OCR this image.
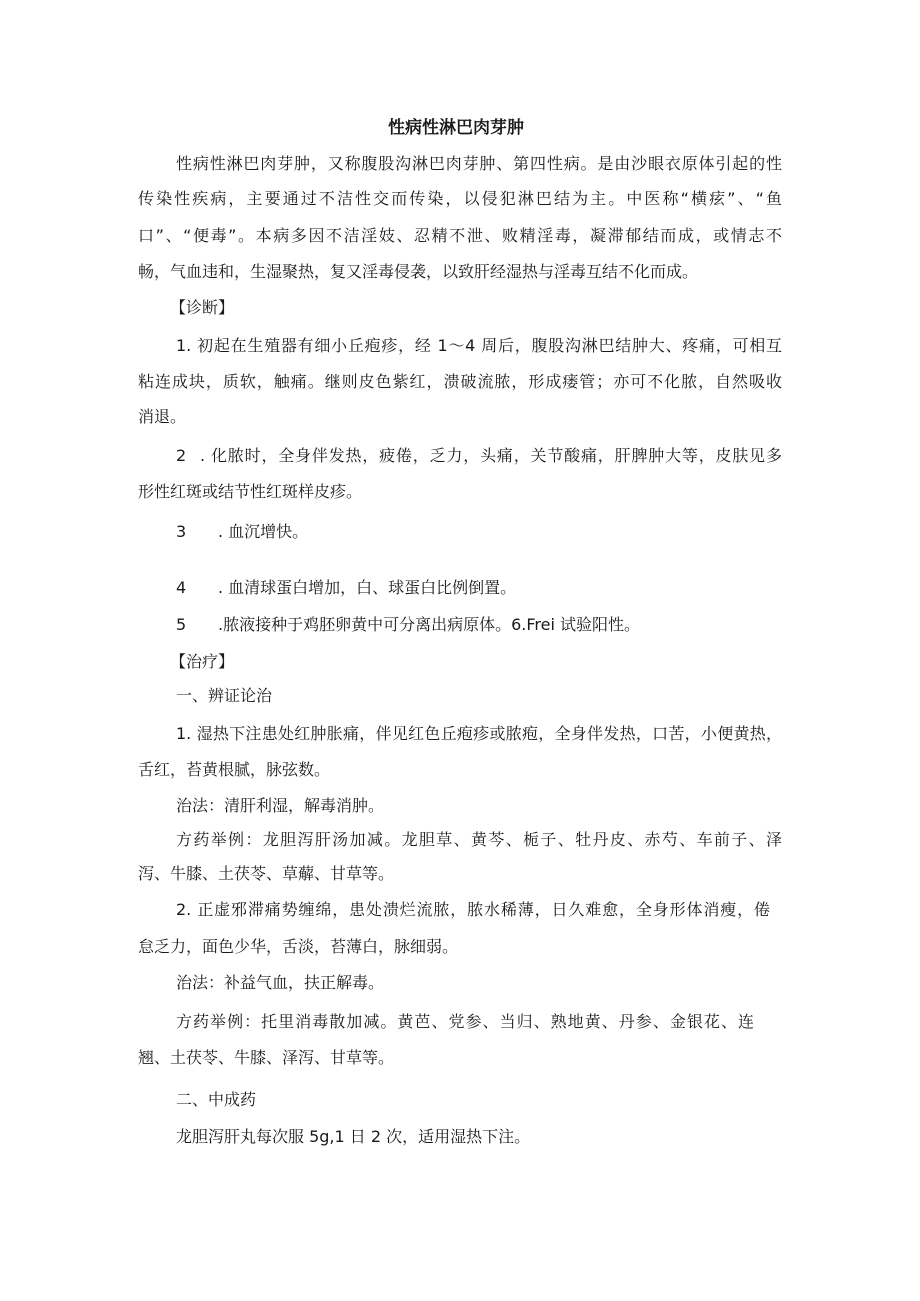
性病性淋巴肉芽肿
性病性淋巴肉芽肿，又称腹股沟淋巴肉芽肿、第四性病。是由沙眼衣原体引起的性
传染性疾病，主要通过不洁性交而传染，以侵犯淋巴结为主。中医称“横痃”、“鱼
口”、“便毒”。本病多因不洁淫妓、忍精不泄、败精淫毒，凝滞郁结而成，或情志不
畅，气血违和，生湿聚热，复又淫毒侵袭，以致肝经湿热与淫毒互结不化而成。
【诊断】
1. 初起在生殖器有细小丘疱疹，经 1～4 周后，腹股沟淋巴结肿大、疼痛，可相互
粘连成块，质软，触痛。继则皮色紫红，溃破流脓，形成瘘管；亦可不化脓，自然吸收
消退。
2 . 化脓时，全身伴发热，疲倦，乏力，头痛，关节酸痛，肝脾肿大等，皮肤见多
形性红斑或结节性红斑样皮疹。
3 . 血沉增快。
4 . 血清球蛋白增加，白、球蛋白比例倒置。
5 .脓液接种于鸡胚卵黄中可分离出病原体。6.Frei 试验阳性。
【治疗】
一、辨证论治
1. 湿热下注患处红肿胀痛，伴见红色丘疱疹或脓疱，全身伴发热，口苦，小便黄热，
舌红，苔黄根腻，脉弦数。
治法：清肝利湿，解毒消肿。
方药举例：龙胆泻肝汤加减。龙胆草、黄芩、栀子、牡丹皮、赤芍、车前子、泽
泻、牛膝、土茯苓、草薢、甘草等。
2. 正虚邪滞痛势缠绵，患处溃烂流脓，脓水稀薄，日久难愈，全身形体消瘦，倦
怠乏力，面色少华，舌淡，苔薄白，脉细弱。
治法：补益气血，扶正解毒。
方药举例：托里消毒散加减。黄芭、党参、当归、熟地黄、丹参、金银花、连
翘、土茯苓、牛膝、泽泻、甘草等。
二、中成药
龙胆泻肝丸每次服 5g,1 日 2 次，适用湿热下注。
